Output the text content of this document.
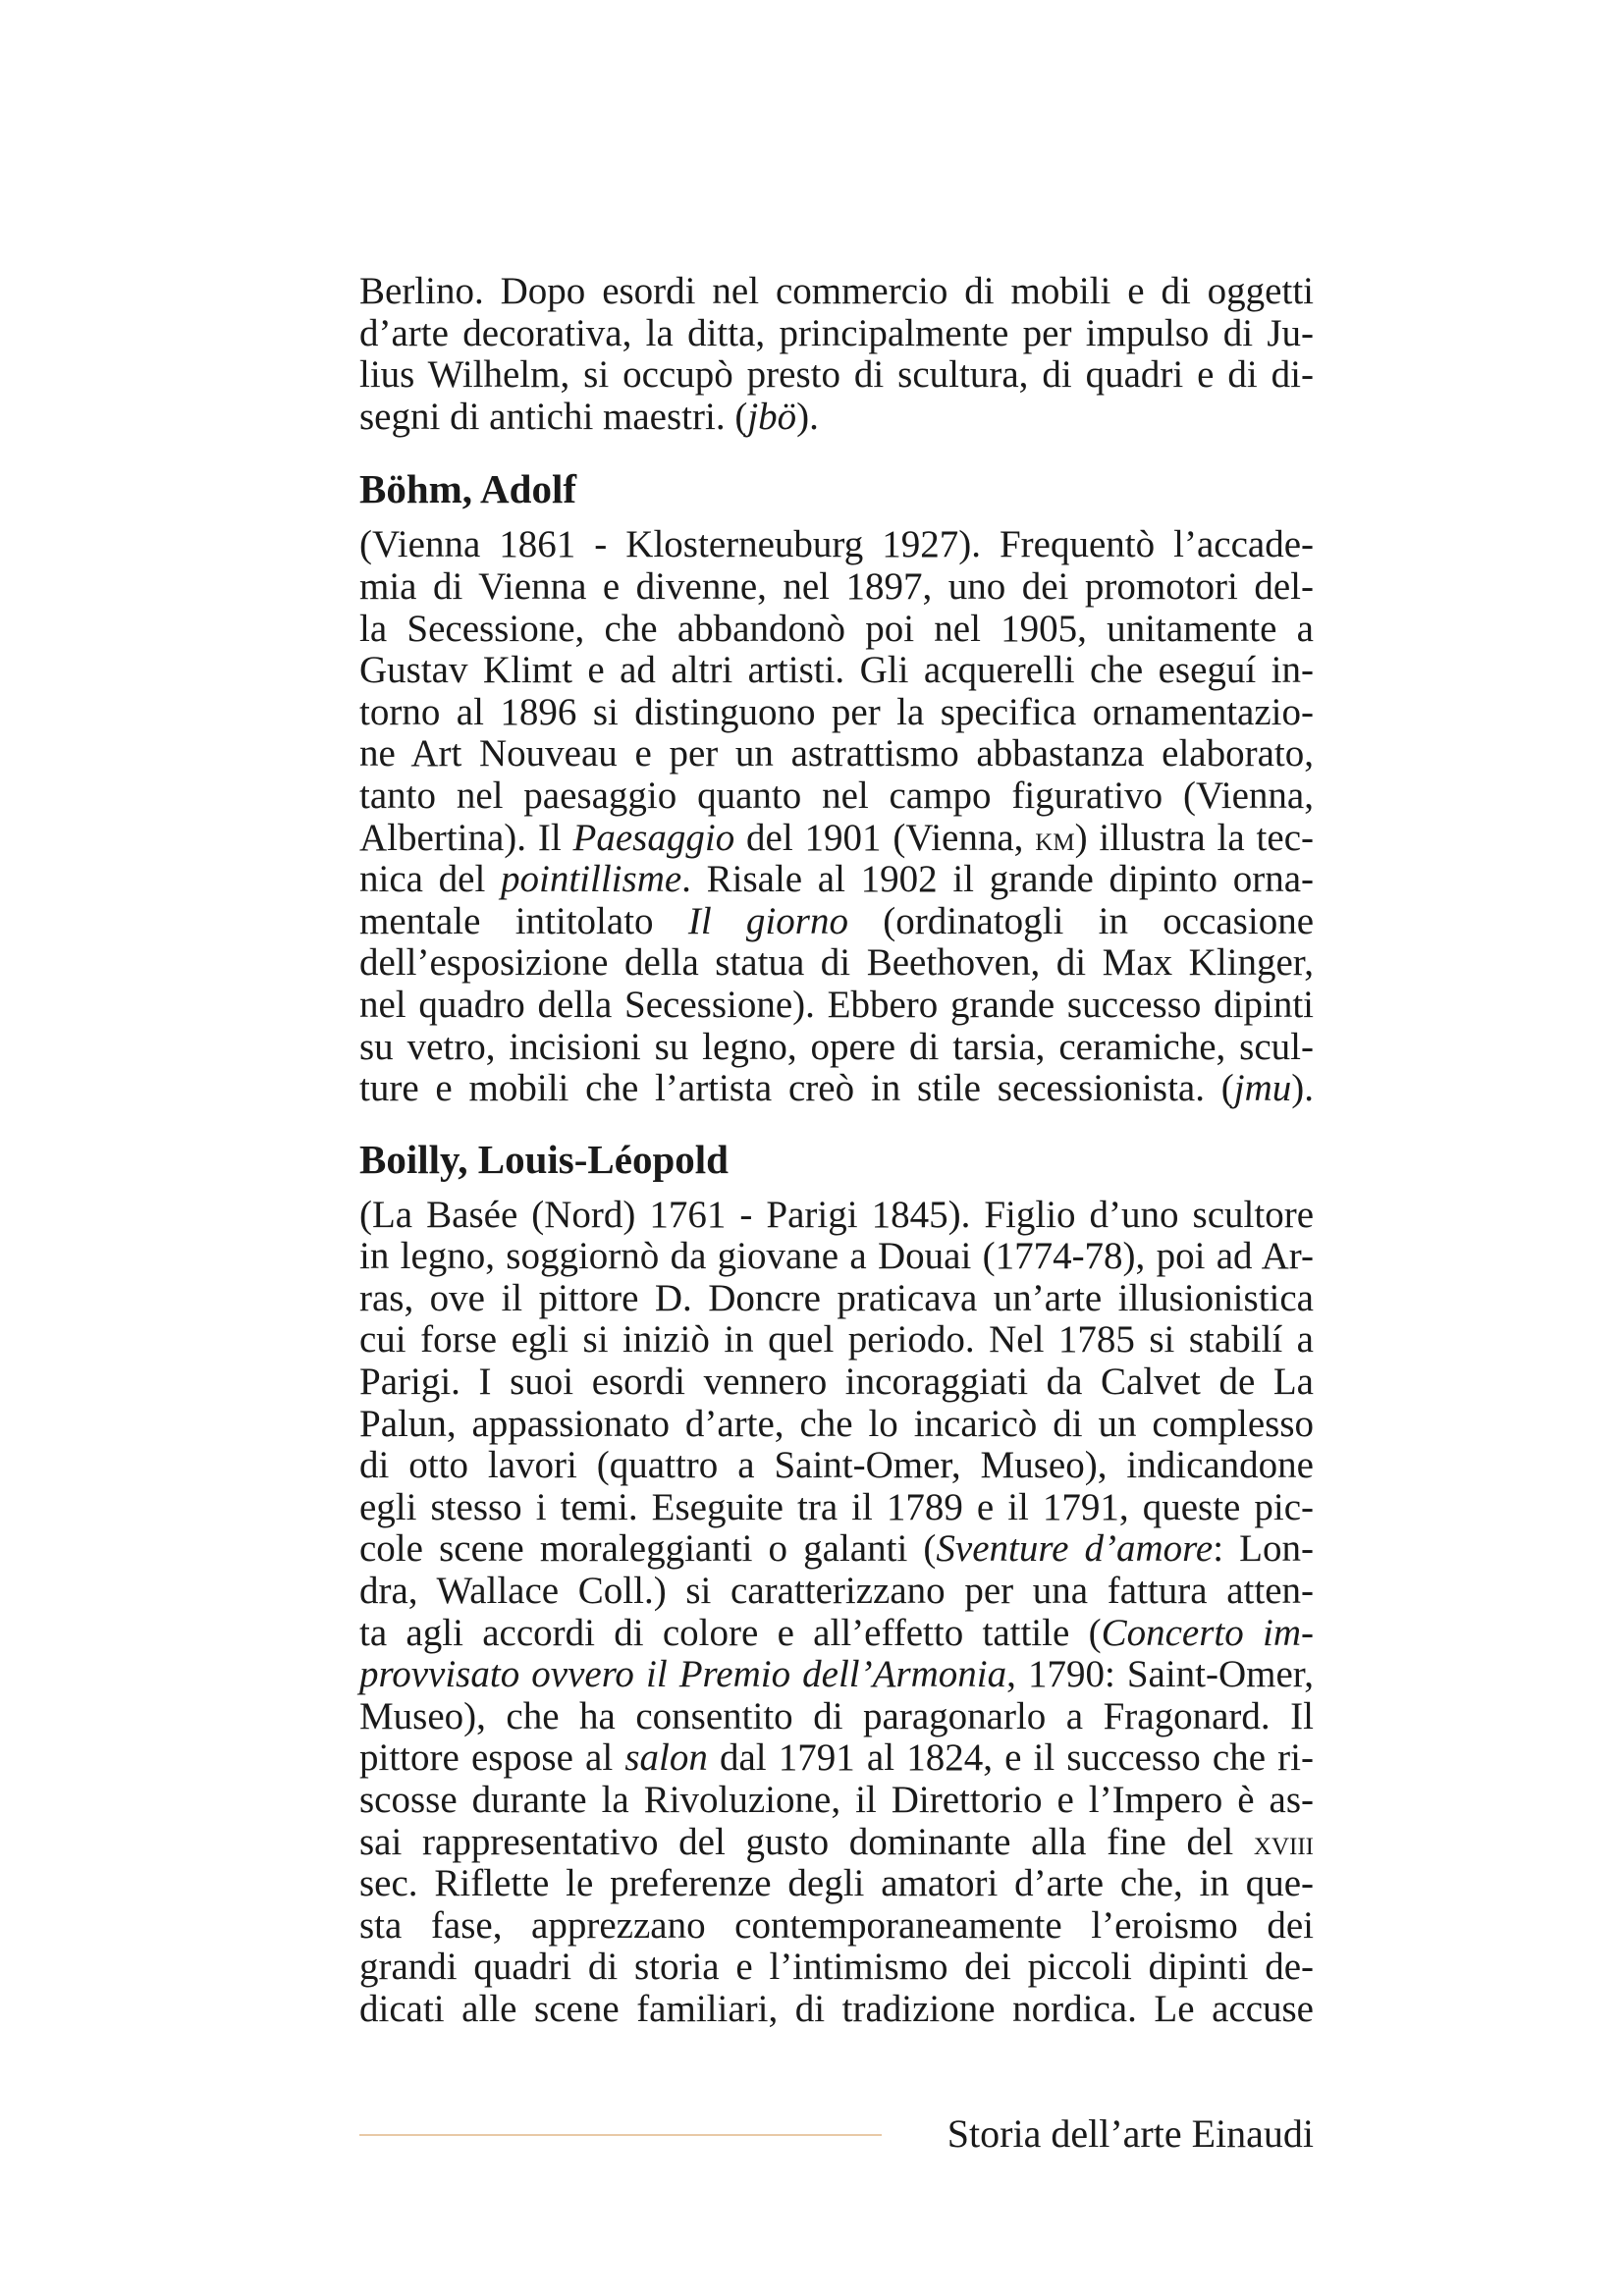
Berlino. Dopo esordi nel commercio di mobili e di oggetti
d’arte decorativa, la ditta, principalmente per impulso di Ju-
lius Wilhelm, si occupò presto di scultura, di quadri e di di-
segni di antichi maestri. (jbö).
Böhm, Adolf
(Vienna 1861 - Klosterneuburg 1927). Frequentò l’accade-
mia di Vienna e divenne, nel 1897, uno dei promotori del-
la Secessione, che abbandonò poi nel 1905, unitamente a
Gustav Klimt e ad altri artisti. Gli acquerelli che eseguí in-
torno al 1896 si distinguono per la specifica ornamentazio-
ne Art Nouveau e per un astrattismo abbastanza elaborato,
tanto nel paesaggio quanto nel campo figurativo (Vienna,
Albertina). Il Paesaggio del 1901 (Vienna, km) illustra la tec-
nica del pointillisme. Risale al 1902 il grande dipinto orna-
mentale intitolato Il giorno (ordinatogli in occasione
dell’esposizione della statua di Beethoven, di Max Klinger,
nel quadro della Secessione). Ebbero grande successo dipinti
su vetro, incisioni su legno, opere di tarsia, ceramiche, scul-
ture e mobili che l’artista creò in stile secessionista. (jmu).
Boilly, Louis-Léopold
(La Basée (Nord) 1761 - Parigi 1845). Figlio d’uno scultore
in legno, soggiornò da giovane a Douai (1774-78), poi ad Ar-
ras, ove il pittore D. Doncre praticava un’arte illusionistica
cui forse egli si iniziò in quel periodo. Nel 1785 si stabilí a
Parigi. I suoi esordi vennero incoraggiati da Calvet de La
Palun, appassionato d’arte, che lo incaricò di un complesso
di otto lavori (quattro a Saint-Omer, Museo), indicandone
egli stesso i temi. Eseguite tra il 1789 e il 1791, queste pic-
cole scene moraleggianti o galanti (Sventure d’amore: Lon-
dra, Wallace Coll.) si caratterizzano per una fattura atten-
ta agli accordi di colore e all’effetto tattile (Concerto im-
provvisato ovvero il Premio dell’Armonia, 1790: Saint-Omer,
Museo), che ha consentito di paragonarlo a Fragonard. Il
pittore espose al salon dal 1791 al 1824, e il successo che ri-
scosse durante la Rivoluzione, il Direttorio e l’Impero è as-
sai rappresentativo del gusto dominante alla fine del xviii
sec. Riflette le preferenze degli amatori d’arte che, in que-
sta fase, apprezzano contemporaneamente l’eroismo dei
grandi quadri di storia e l’intimismo dei piccoli dipinti de-
dicati alle scene familiari, di tradizione nordica. Le accuse
Storia dell’arte Einaudi
